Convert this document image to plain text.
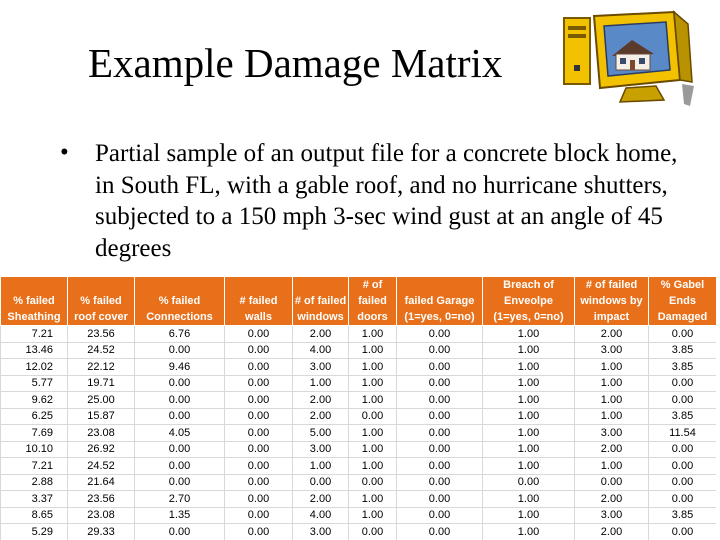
Example Damage Matrix
• Partial sample of an output file for a concrete block home, in South FL, with a gable roof, and no hurricane shutters, subjected to a 150 mph 3-sec wind gust at an angle of 45 degrees
% failed Sheathing	% failed roof cover	% failed Connections	# failed walls	# of failed windows	# of failed doors	failed Garage (1=yes, 0=no)	Breach of Enveolpe (1=yes, 0=no)	# of failed windows by impact	% Gabel Ends Damaged
7.21	23.56	6.76	0.00	2.00	1.00	0.00	1.00	2.00	0.00
13.46	24.52	0.00	0.00	4.00	1.00	0.00	1.00	3.00	3.85
12.02	22.12	9.46	0.00	3.00	1.00	0.00	1.00	1.00	3.85
5.77	19.71	0.00	0.00	1.00	1.00	0.00	1.00	1.00	0.00
9.62	25.00	0.00	0.00	2.00	1.00	0.00	1.00	1.00	0.00
6.25	15.87	0.00	0.00	2.00	0.00	0.00	1.00	1.00	3.85
7.69	23.08	4.05	0.00	5.00	1.00	0.00	1.00	3.00	11.54
10.10	26.92	0.00	0.00	3.00	1.00	0.00	1.00	2.00	0.00
7.21	24.52	0.00	0.00	1.00	1.00	0.00	1.00	1.00	0.00
2.88	21.64	0.00	0.00	0.00	0.00	0.00	0.00	0.00	0.00
3.37	23.56	2.70	0.00	2.00	1.00	0.00	1.00	2.00	0.00
8.65	23.08	1.35	0.00	4.00	1.00	0.00	1.00	3.00	3.85
5.29	29.33	0.00	0.00	3.00	0.00	0.00	1.00	2.00	0.00
